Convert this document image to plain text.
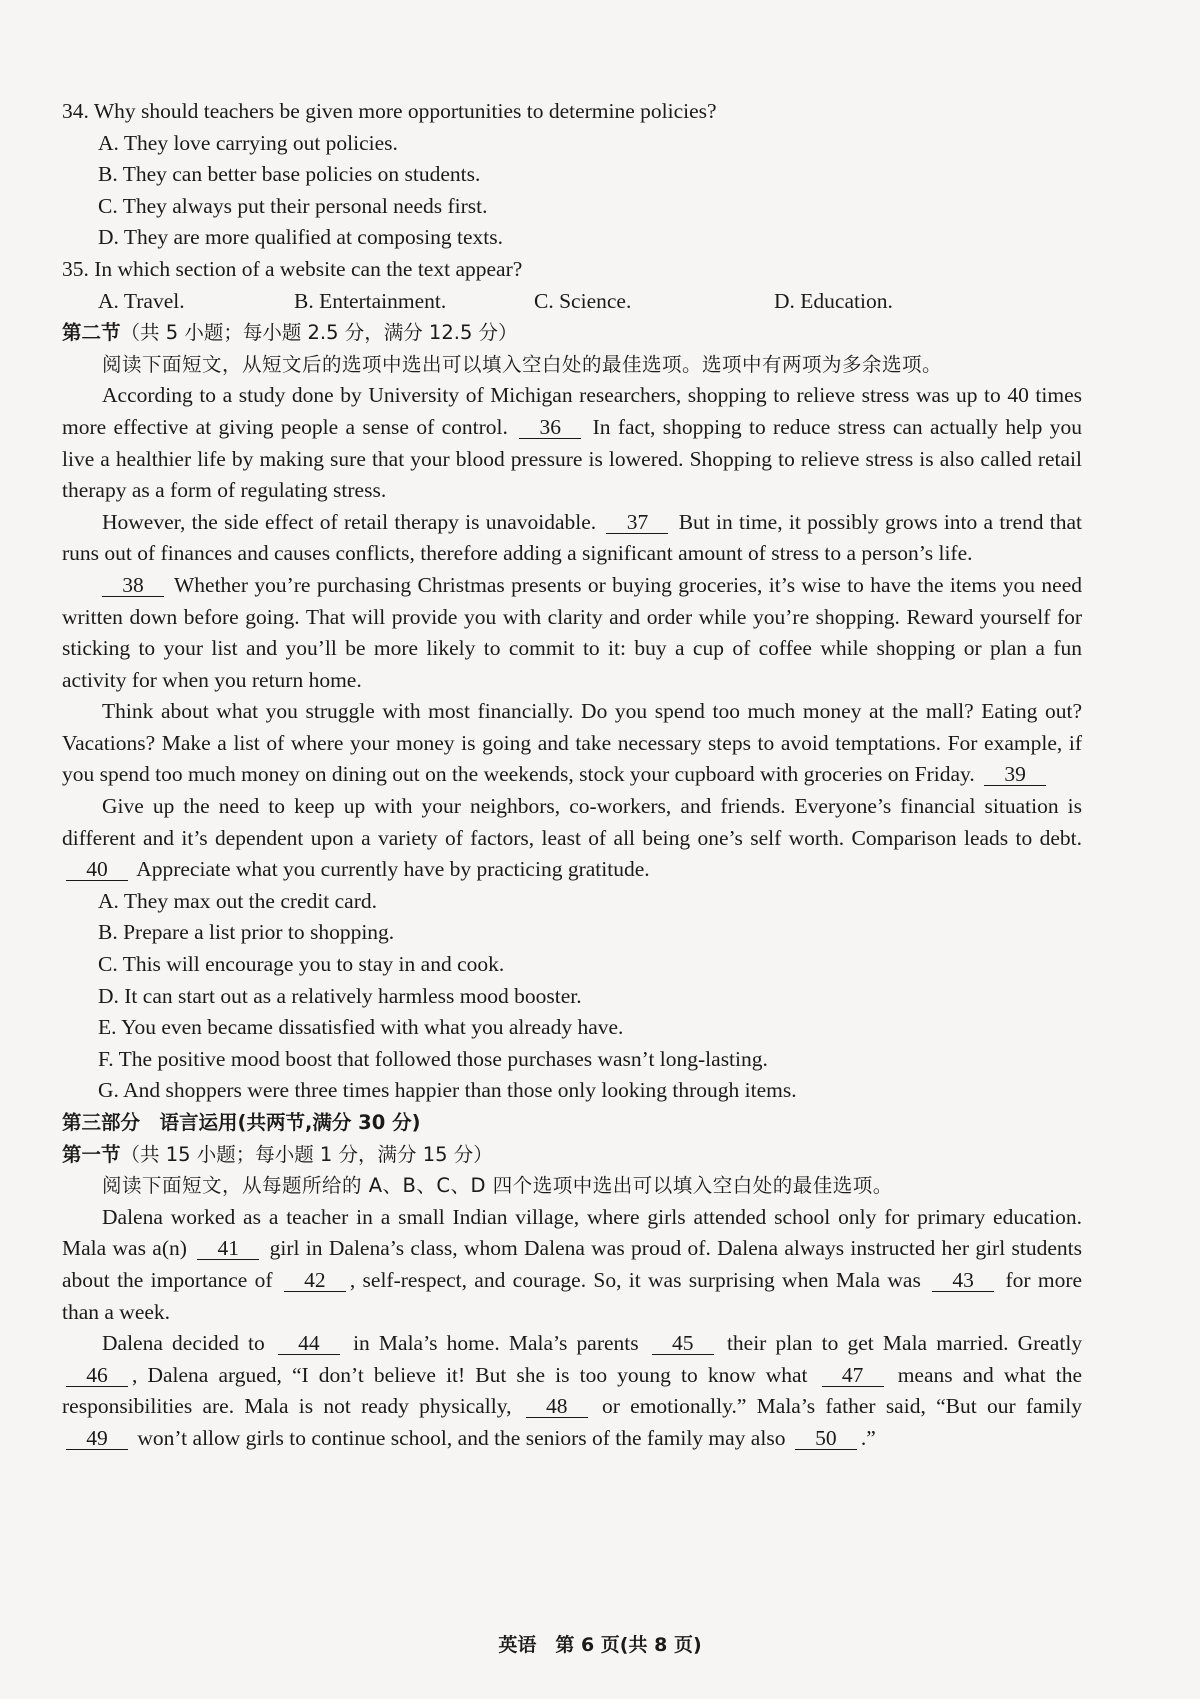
34. Why should teachers be given more opportunities to determine policies?

A. They love carrying out policies.

B. They can better base policies on students.

C. They always put their personal needs first.

D. They are more qualified at composing texts.

35. In which section of a website can the text appear?

A. Travel.	B. Entertainment.	C. Science.	D. Education.

第二节（共 5 小题；每小题 2.5 分，满分 12.5 分）

阅读下面短文，从短文后的选项中选出可以填入空白处的最佳选项。选项中有两项为多余选项。

According to a study done by University of Michigan researchers, shopping to relieve stress was up to 40 times more effective at giving people a sense of control. 36 In fact, shopping to reduce stress can actually help you live a healthier life by making sure that your blood pressure is lowered. Shopping to relieve stress is also called retail therapy as a form of regulating stress.

However, the side effect of retail therapy is unavoidable. 37 But in time, it possibly grows into a trend that runs out of finances and causes conflicts, therefore adding a significant amount of stress to a person’s life.

38 Whether you’re purchasing Christmas presents or buying groceries, it’s wise to have the items you need written down before going. That will provide you with clarity and order while you’re shopping. Reward yourself for sticking to your list and you’ll be more likely to commit to it: buy a cup of coffee while shopping or plan a fun activity for when you return home.

Think about what you struggle with most financially. Do you spend too much money at the mall? Eating out? Vacations? Make a list of where your money is going and take necessary steps to avoid temptations. For example, if you spend too much money on dining out on the weekends, stock your cupboard with groceries on Friday. 39

Give up the need to keep up with your neighbors, co-workers, and friends. Everyone’s financial situation is different and it’s dependent upon a variety of factors, least of all being one’s self worth. Comparison leads to debt. 40 Appreciate what you currently have by practicing gratitude.

A. They max out the credit card.

B. Prepare a list prior to shopping.

C. This will encourage you to stay in and cook.

D. It can start out as a relatively harmless mood booster.

E. You even became dissatisfied with what you already have.

F. The positive mood boost that followed those purchases wasn’t long-lasting.

G. And shoppers were three times happier than those only looking through items.

第三部分　 语言运用(共两节,满分 30 分)

第一节（共 15 小题；每小题 1 分，满分 15 分）

阅读下面短文，从每题所给的 A、B、C、D 四个选项中选出可以填入空白处的最佳选项。

Dalena worked as a teacher in a small Indian village, where girls attended school only for primary education. Mala was a(n) 41 girl in Dalena’s class, whom Dalena was proud of. Dalena always instructed her girl students about the importance of 42 , self-respect, and courage. So, it was surprising when Mala was 43 for more than a week.

Dalena decided to 44 in Mala’s home. Mala’s parents 45 their plan to get Mala married. Greatly 46 , Dalena argued, “I don’t believe it! But she is too young to know what 47 means and what the responsibilities are. Mala is not ready physically, 48 or emotionally.” Mala’s father said, “But our family 49 won’t allow girls to continue school, and the seniors of the family may also 50 .”

英语　第 6 页(共 8 页)
